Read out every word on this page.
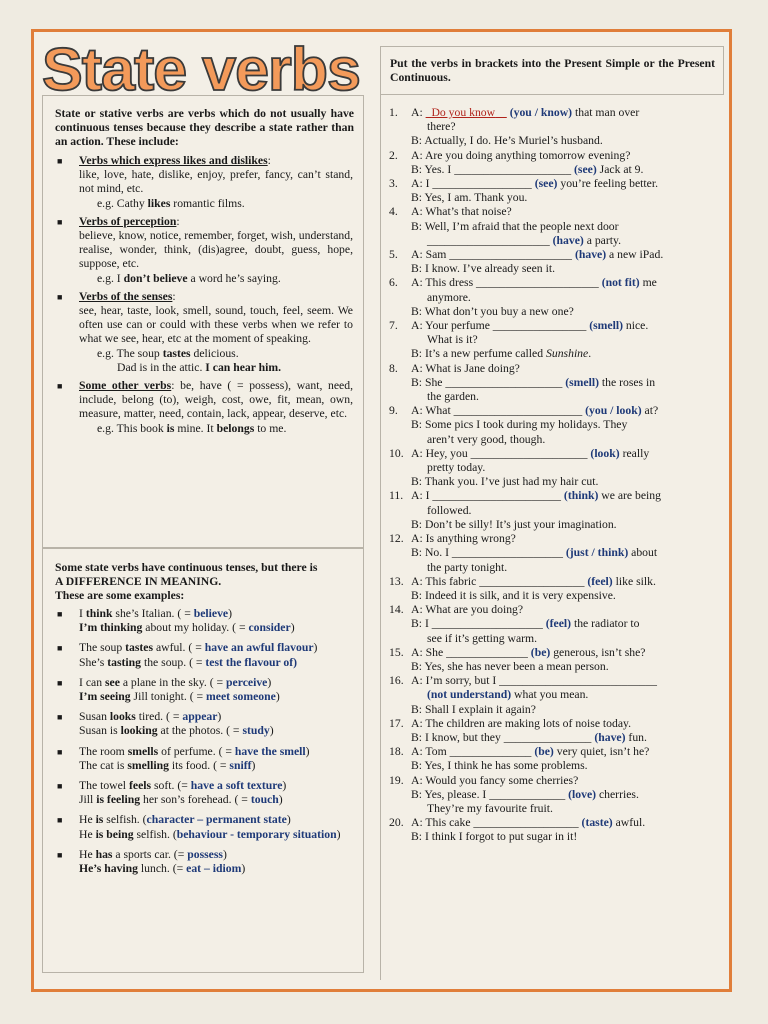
State verbs
State or stative verbs are verbs which do not usually have continuous tenses because they describe a state rather than an action. These include:
■ Verbs which express likes and dislikes:
like, love, hate, dislike, enjoy, prefer, fancy, can’t stand, not mind, etc.
e.g. Cathy likes romantic films.
■ Verbs of perception:
believe, know, notice, remember, forget, wish, understand, realise, wonder, think, (dis)agree, doubt, guess, hope, suppose, etc.
e.g. I don’t believe a word he’s saying.
■ Verbs of the senses:
see, hear, taste, look, smell, sound, touch, feel, seem. We often use can or could with these verbs when we refer to what we see, hear, etc at the moment of speaking.
e.g. The soup tastes delicious.
Dad is in the attic. I can hear him.
■ Some other verbs: be, have ( = possess), want, need, include, belong (to), weigh, cost, owe, fit, mean, own, measure, matter, need, contain, lack, appear, deserve, etc.
e.g. This book is mine. It belongs to me.
Some state verbs have continuous tenses, but there is
A DIFFERENCE IN MEANING.
These are some examples:
■ I think she’s Italian. ( = believe)
I’m thinking about my holiday. ( = consider)
■ The soup tastes awful. ( = have an awful flavour)
She’s tasting the soup. ( = test the flavour of)
■ I can see a plane in the sky. ( = perceive)
I’m seeing Jill tonight. ( = meet someone)
■ Susan looks tired. ( = appear)
Susan is looking at the photos. ( = study)
■ The room smells of perfume. ( = have the smell)
The cat is smelling its food. ( = sniff)
■ The towel feels soft. (= have a soft texture)
Jill is feeling her son’s forehead. ( = touch)
■ He is selfish. (character – permanent state)
He is being selfish. (behaviour - temporary situation)
■ He has a sports car. (= possess)
He’s having lunch. (= eat – idiom)
Put the verbs in brackets into the Present Simple or the Present Continuous.
1.	A:   Do you know (you / know) that man over
there?
B: Actually, I do. He’s Muriel’s husband.
2.	A: Are you doing anything tomorrow evening?
B: Yes. I ____________________ (see) Jack at 9.
3.	A: I _________________ (see) you’re feeling better.
B: Yes, I am. Thank you.
4.	A: What’s that noise?
B: Well, I’m afraid that the people next door
_____________________ (have) a party.
5.	A: Sam _____________________ (have) a new iPad.
B: I know. I’ve already seen it.
6.	A: This dress _____________________ (not fit) me
anymore.
B: What don’t you buy a new one?
7.	A: Your perfume ________________ (smell) nice.
What is it?
B: It’s a new perfume called Sunshine.
8.	A: What is Jane doing?
B: She ____________________ (smell) the roses in
the garden.
9.	A: What ______________________ (you / look) at?
B: Some pics I took during my holidays. They
aren’t very good, though.
10. A: Hey, you ____________________ (look) really
pretty today.
B: Thank you. I’ve just had my hair cut.
11. A: I ______________________ (think) we are being
followed.
B: Don’t be silly! It’s just your imagination.
12. A: Is anything wrong?
B: No. I ___________________ (just / think) about
the party tonight.
13. A: This fabric __________________ (feel) like silk.
B: Indeed it is silk, and it is very expensive.
14. A: What are you doing?
B: I ___________________ (feel) the radiator to
see if it’s getting warm.
15. A: She ______________ (be) generous, isn’t she?
B: Yes, she has never been a mean person.
16. A: I’m sorry, but I ___________________________
(not understand) what you mean.
B: Shall I explain it again?
17. A: The children are making lots of noise today.
B: I know, but they _______________ (have) fun.
18. A: Tom ______________ (be) very quiet, isn’t he?
B: Yes, I think he has some problems.
19. A: Would you fancy some cherries?
B: Yes, please. I _____________ (love) cherries.
They’re my favourite fruit.
20. A: This cake __________________ (taste) awful.
B: I think I forgot to put sugar in it!
